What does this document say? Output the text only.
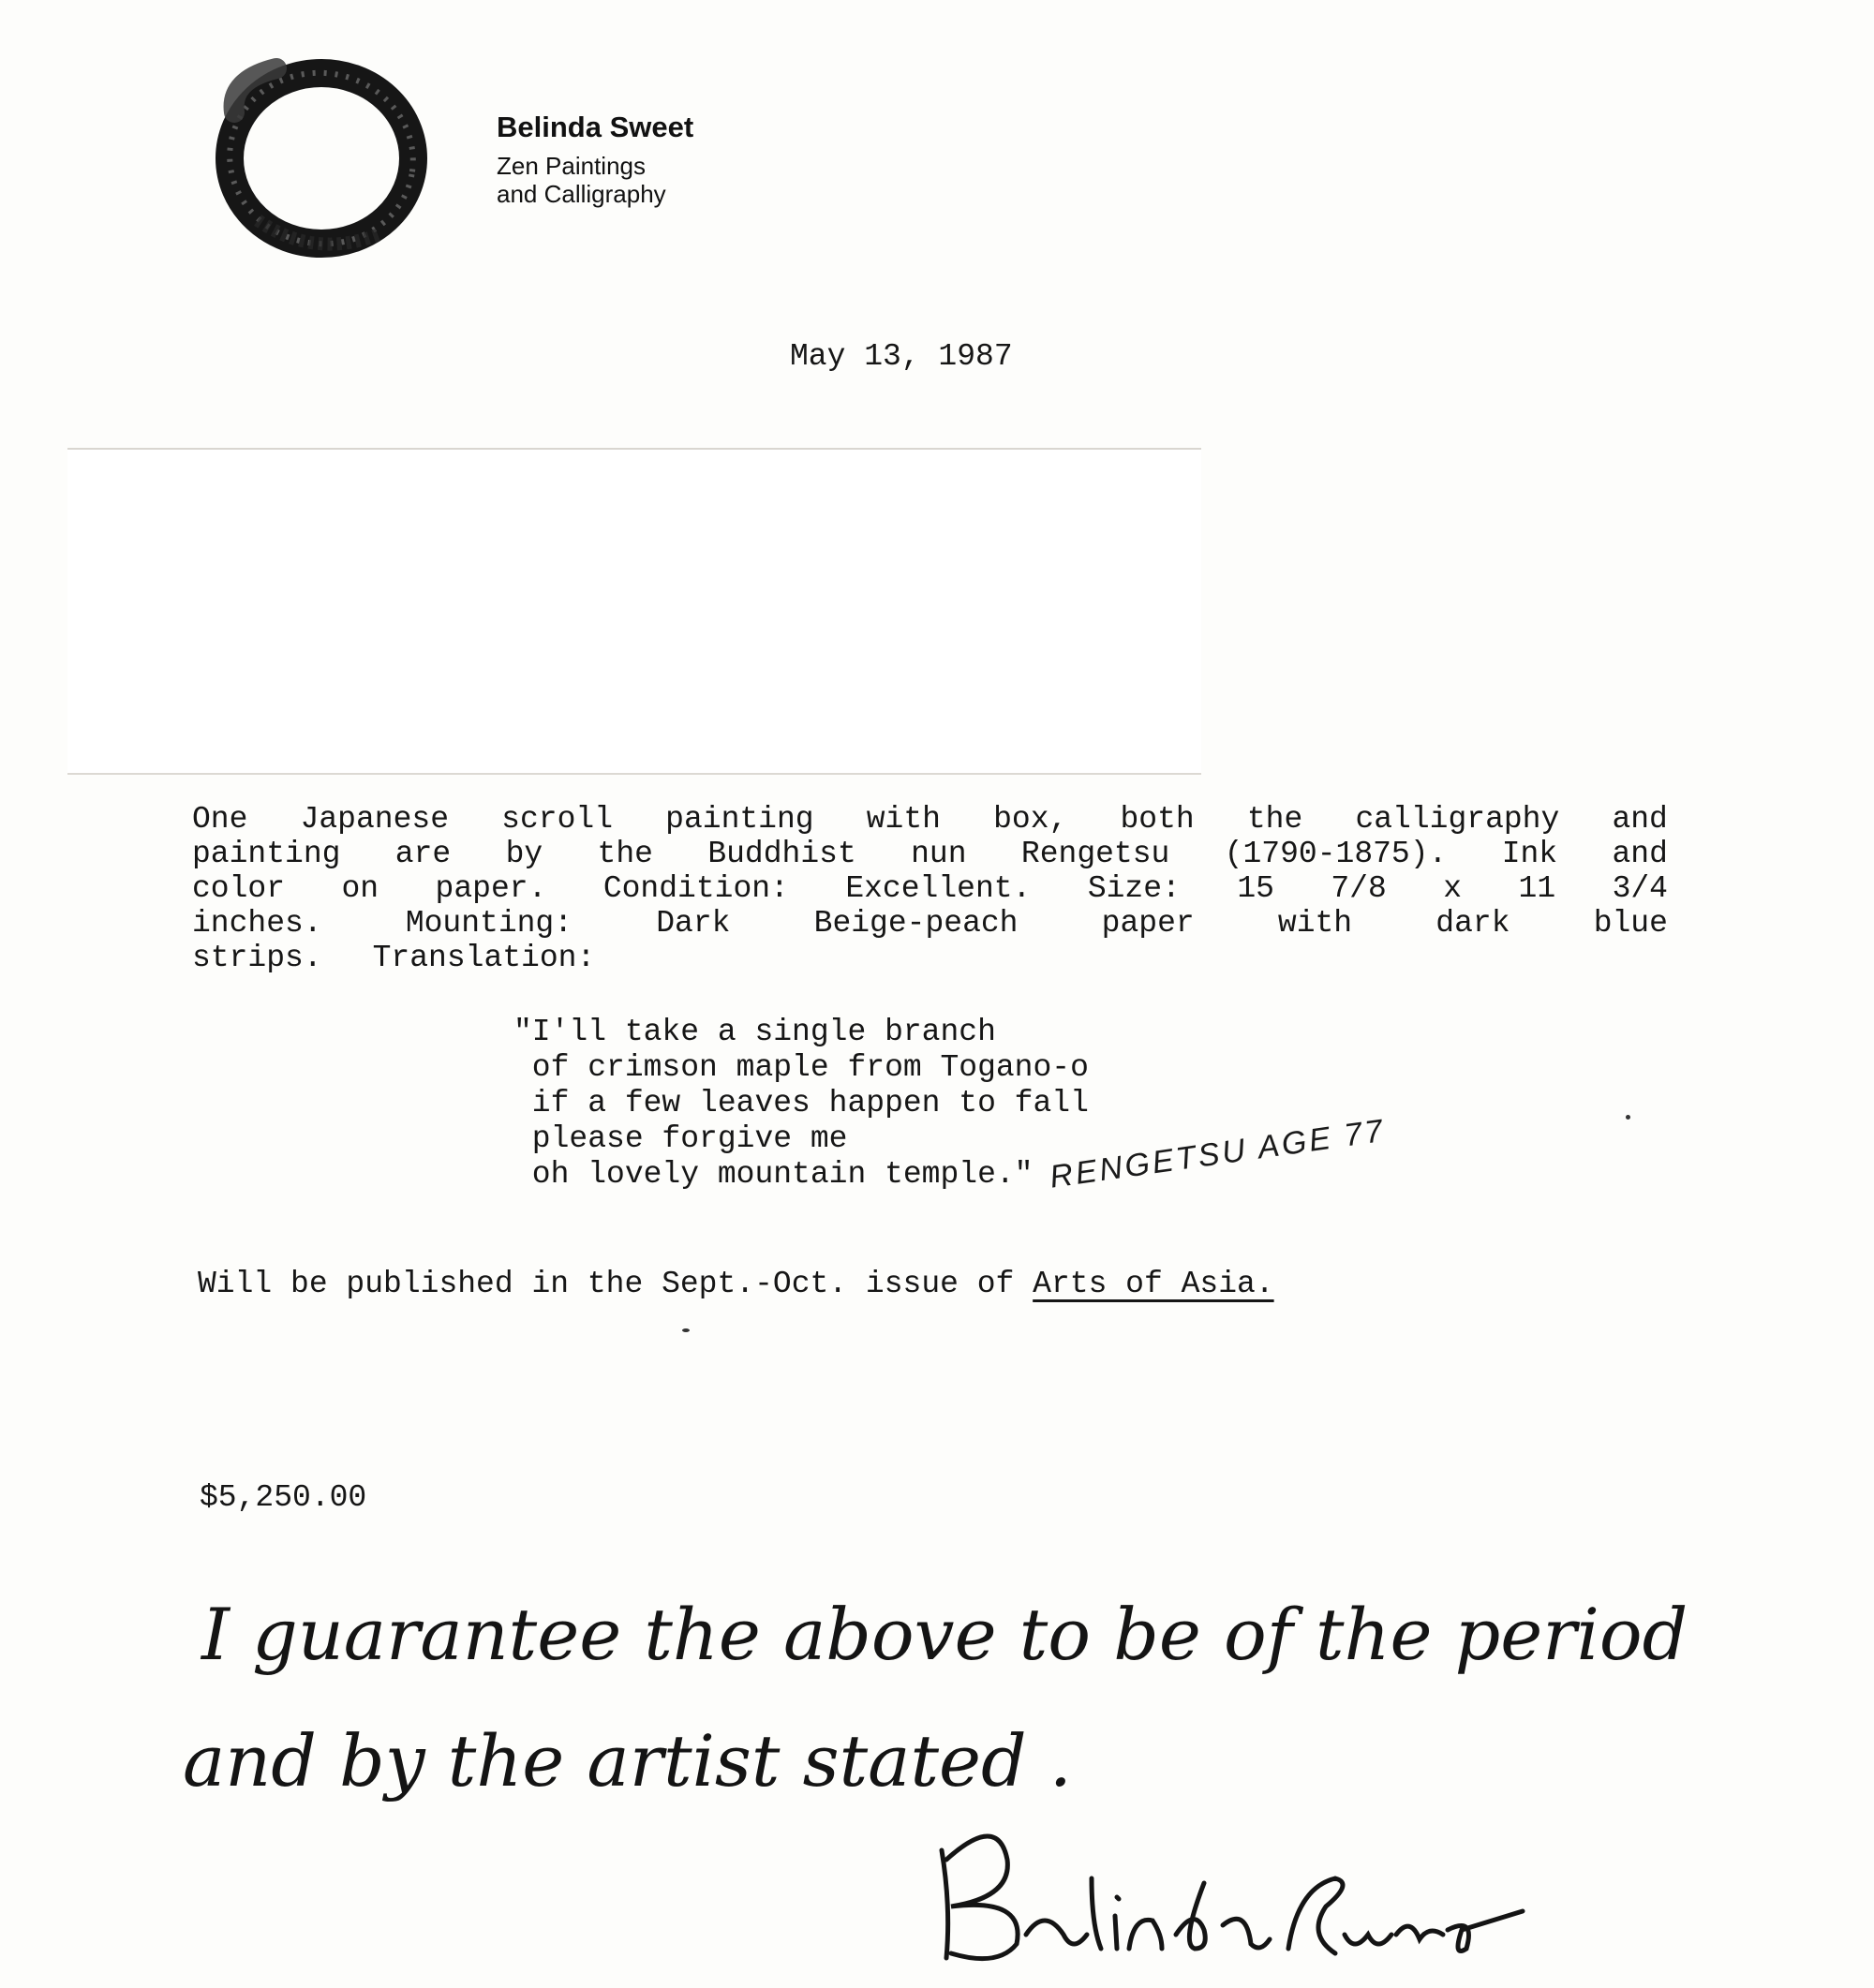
Belinda Sweet
Zen Paintings
and Calligraphy
May 13, 1987
One Japanese scroll painting with box, both the calligraphy and
painting are by the Buddhist nun Rengetsu (1790-1875). Ink and
color on paper. Condition: Excellent. Size: 15 7/8 x 11 3/4
inches.	Mounting:	Dark	Beige-peach	paper	with	dark	blue
strips. Translation:
"I'll take a single branch
of crimson maple from Togano-o
if a few leaves happen to fall
please forgive me
oh lovely mountain temple." RENGETSU AGE 77
Will be published in the Sept.-Oct. issue of Arts of Asia.
$5,250.00
I guarantee the above to be of the period
and by the artist stated .
